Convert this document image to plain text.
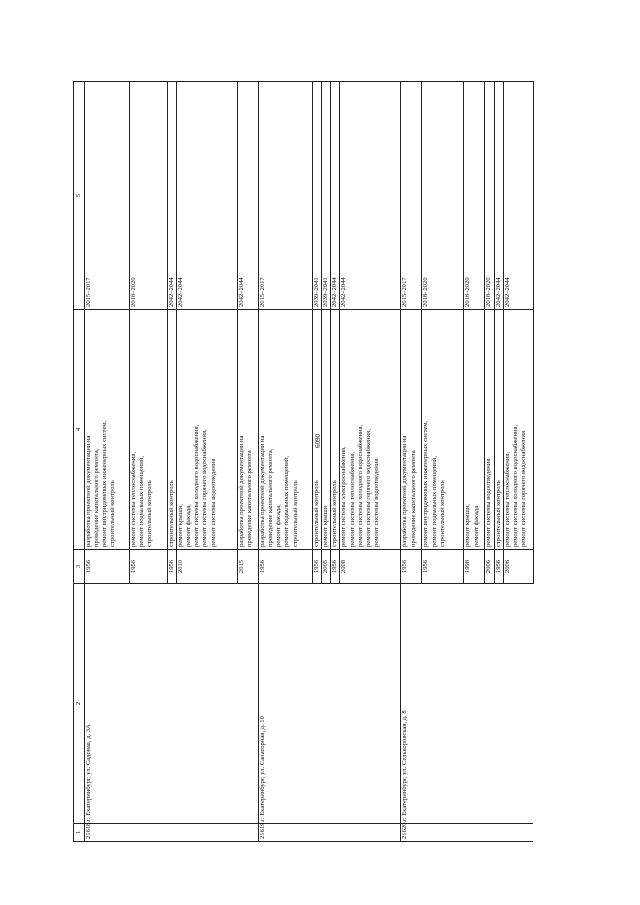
6090
1	2	3	4	5
21618.	г. Екатеринбург, ул. Садовая, д. 3А	1956	разработка проектной документации на проведение капитального ремонта, ремонт внутридомовых инженерных систем, строительный контроль	2015–2017
		1956	ремонт системы теплоснабжения, ремонт подвальных помещений, строительный контроль	2018–2020
		1956	строительный контроль	2042–2044
		2010	ремонт крыши, ремонт фасада, ремонт системы холодного водоснабжения, ремонт системы горячего водоснабжения, ремонт системы водоотведения	2042–2044
		2015	разработка проектной документации на проведение капитального ремонта	2042–2044
21619.	г. Екатеринбург, ул. Санаторная, д. 10	1956	разработка проектной документации на проведение капитального ремонта, ремонт фасада, ремонт подвальных помещений, строительный контроль	2015–2017
		1956	строительный контроль	2039–2041
		2005	ремонт крыши	2039–2041
		1956	строительный контроль	2042–2044
		2008	ремонт системы электроснабжения, ремонт системы теплоснабжения, ремонт системы холодного водоснабжения, ремонт системы горячего водоснабжения, ремонт системы водоотведения	2042–2044
21620.	г. Екатеринбург, ул. Селькоровская, д. 8	1956	разработка проектной документации на проведение капитального ремонта	2015–2017
		1956	ремонт внутридомовых инженерных систем, ремонт подвальных помещений, строительный контроль	2018–2020
		1998	ремонт крыши, ремонт фасада	2018–2020
		2006	ремонт системы водоотведения	2018–2020
		1956	строительный контроль	2042–2044
		2006	ремонт системы теплоснабжения, ремонт системы холодного водоснабжения, ремонт системы горячего водоснабжения	2042–2044
